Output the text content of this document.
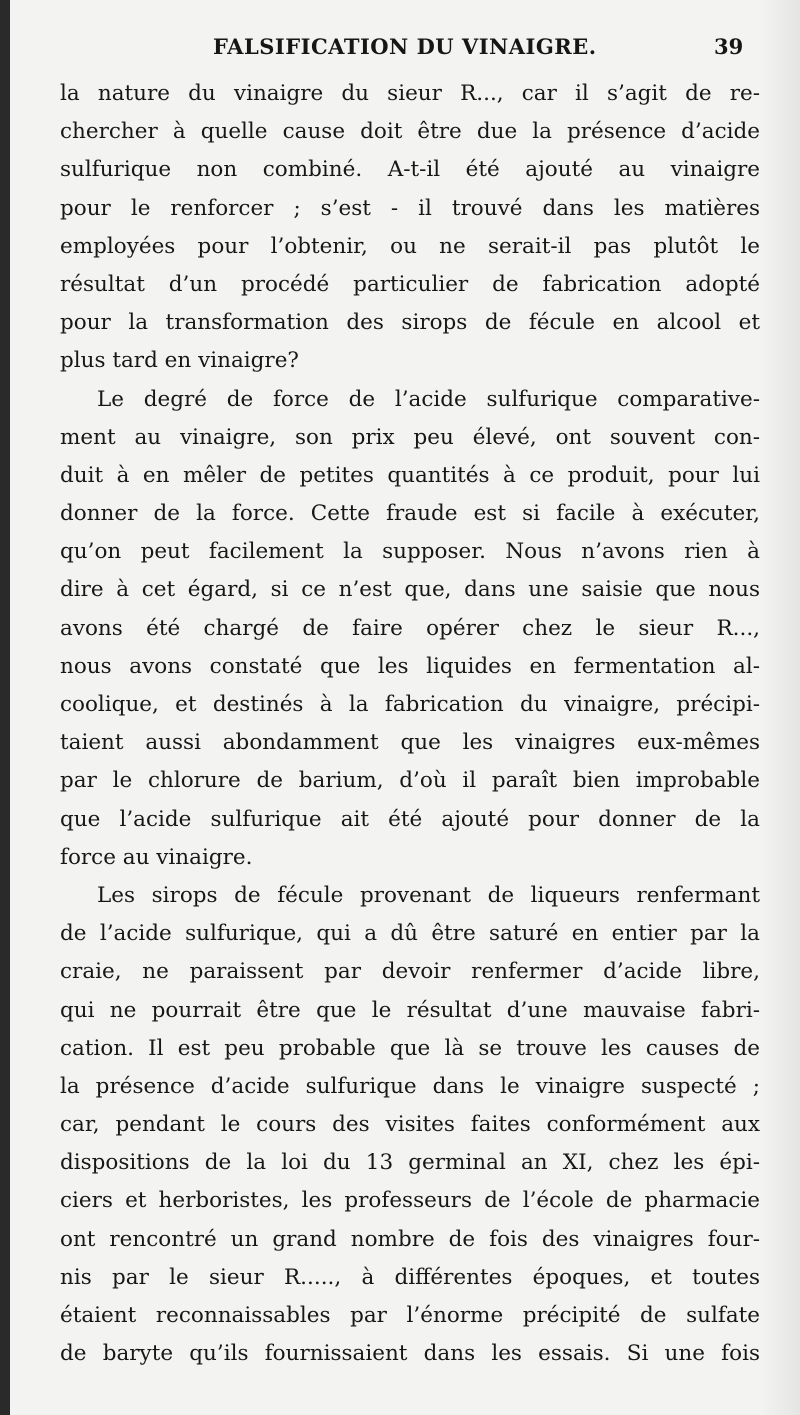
FALSIFICATION DU VINAIGRE.	39
la nature du vinaigre du sieur R..., car il s’agit de re-
chercher à quelle cause doit être due la présence d’acide
sulfurique non combiné. A-t-il été ajouté au vinaigre
pour le renforcer ; s’est - il trouvé dans les matières
employées pour l’obtenir, ou ne serait-il pas plutôt le
résultat d’un procédé particulier de fabrication adopté
pour la transformation des sirops de fécule en alcool et
plus tard en vinaigre?
Le degré de force de l’acide sulfurique comparative-
ment au vinaigre, son prix peu élevé, ont souvent con-
duit à en mêler de petites quantités à ce produit, pour lui
donner de la force. Cette fraude est si facile à exécuter,
qu’on peut facilement la supposer. Nous n’avons rien à
dire à cet égard, si ce n’est que, dans une saisie que nous
avons été chargé de faire opérer chez le sieur R...,
nous avons constaté que les liquides en fermentation al-
coolique, et destinés à la fabrication du vinaigre, précipi-
taient aussi abondamment que les vinaigres eux-mêmes
par le chlorure de barium, d’où il paraît bien improbable
que l’acide sulfurique ait été ajouté pour donner de la
force au vinaigre.
Les sirops de fécule provenant de liqueurs renfermant
de l’acide sulfurique, qui a dû être saturé en entier par la
craie, ne paraissent par devoir renfermer d’acide libre,
qui ne pourrait être que le résultat d’une mauvaise fabri-
cation. Il est peu probable que là se trouve les causes de
la présence d’acide sulfurique dans le vinaigre suspecté ;
car, pendant le cours des visites faites conformément aux
dispositions de la loi du 13 germinal an XI, chez les épi-
ciers et herboristes, les professeurs de l’école de pharmacie
ont rencontré un grand nombre de fois des vinaigres four-
nis par le sieur R....., à différentes époques, et toutes
étaient reconnaissables par l’énorme précipité de sulfate
de baryte qu’ils fournissaient dans les essais. Si une fois
